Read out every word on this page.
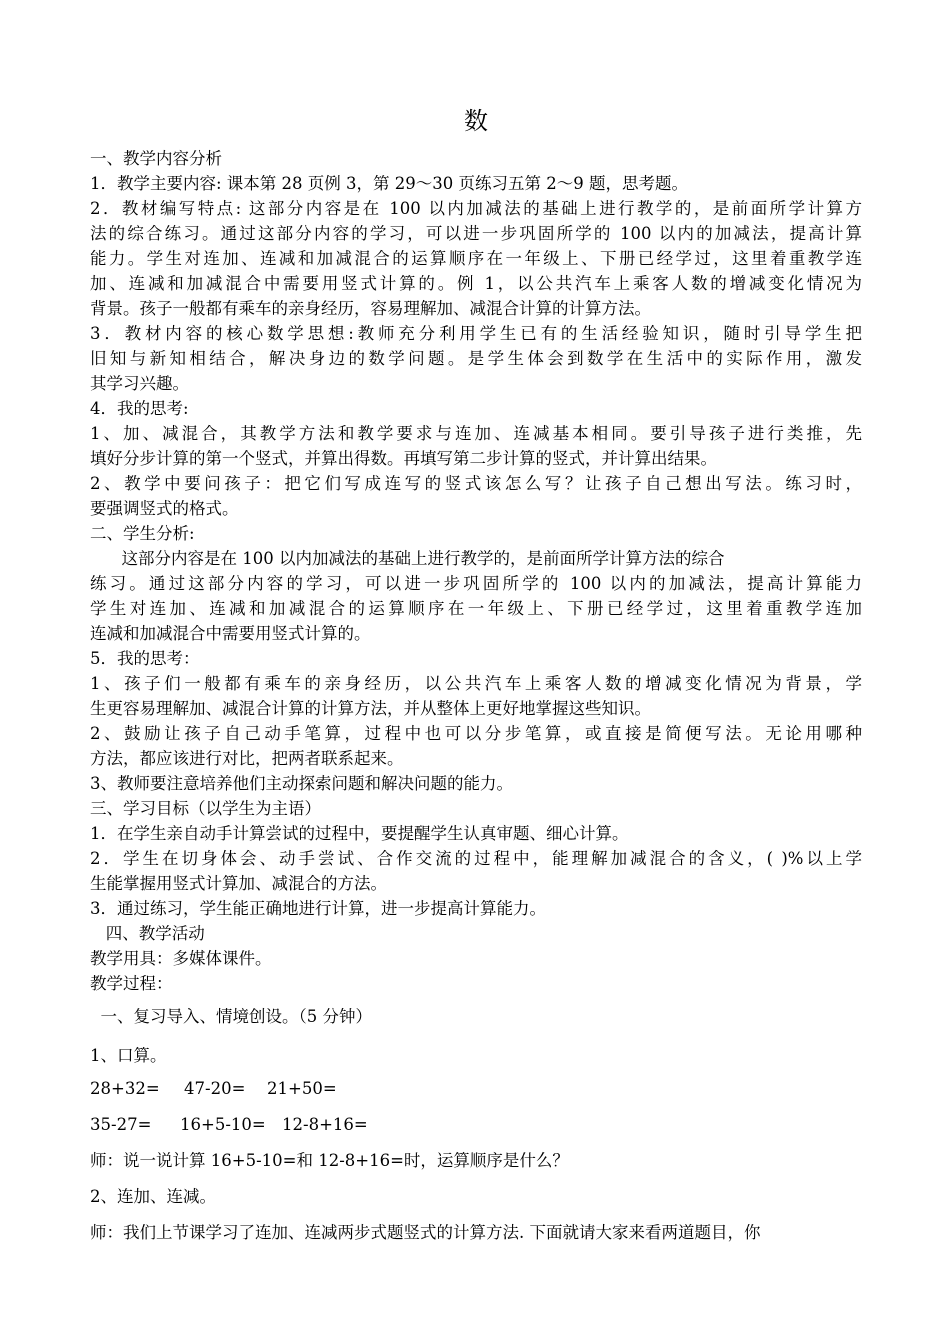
数
一、教学内容分析
1．教学主要内容: 课本第 28 页例 3，第 29～30 页练习五第 2～9 题，思考题。
2．教材编写特点: 这部分内容是在 100 以内加减法的基础上进行教学的，是前面所学计算方
法的综合练习。通过这部分内容的学习，可以进一步巩固所学的 100 以内的加减法，提高计算
能力。学生对连加、连减和加减混合的运算顺序在一年级上、下册已经学过，这里着重教学连
加、连减和加减混合中需要用竖式计算的。例 1，以公共汽车上乘客人数的增减变化情况为
背景。孩子一般都有乘车的亲身经历，容易理解加、减混合计算的计算方法。
3．教材内容的核心数学思想:教师充分利用学生已有的生活经验知识，随时引导学生把
旧知与新知相结合，解决身边的数学问题。是学生体会到数学在生活中的实际作用，激发
其学习兴趣。
4．我的思考:
1、加、减混合，其教学方法和教学要求与连加、连减基本相同。要引导孩子进行类推，先
填好分步计算的第一个竖式，并算出得数。再填写第二步计算的竖式，并计算出结果。
2、教学中要问孩子：把它们写成连写的竖式该怎么写？让孩子自己想出写法。练习时，
要强调竖式的格式。
二、学生分析:
这部分内容是在 100 以内加减法的基础上进行教学的，是前面所学计算方法的综合
练习。通过这部分内容的学习，可以进一步巩固所学的 100 以内的加减法，提高计算能力
学生对连加、连减和加减混合的运算顺序在一年级上、下册已经学过，这里着重教学连加
连减和加减混合中需要用竖式计算的。
5．我的思考：
1、孩子们一般都有乘车的亲身经历，以公共汽车上乘客人数的增减变化情况为背景，学
生更容易理解加、减混合计算的计算方法，并从整体上更好地掌握这些知识。
2、鼓励让孩子自己动手笔算，过程中也可以分步笔算，或直接是简便写法。无论用哪种
方法，都应该进行对比，把两者联系起来。
3、教师要注意培养他们主动探索问题和解决问题的能力。
三、学习目标（以学生为主语）
1．在学生亲自动手计算尝试的过程中，要提醒学生认真审题、细心计算。
2．学生在切身体会、动手尝试、合作交流的过程中，能理解加减混合的含义，( )%以上学
生能掌握用竖式计算加、减混合的方法。
3．通过练习，学生能正确地进行计算，进一步提高计算能力。
四、教学活动
教学用具：多媒体课件。
教学过程：
一、复习导入、情境创设。（5 分钟）
1、口算。
28+32= 47-20= 21+50=
35-27= 16+5-10= 12-8+16=
师：说一说计算 16+5-10=和 12-8+16=时，运算顺序是什么？
2、连加、连减。
师：我们上节课学习了连加、连减两步式题竖式的计算方法. 下面就请大家来看两道题目，你
